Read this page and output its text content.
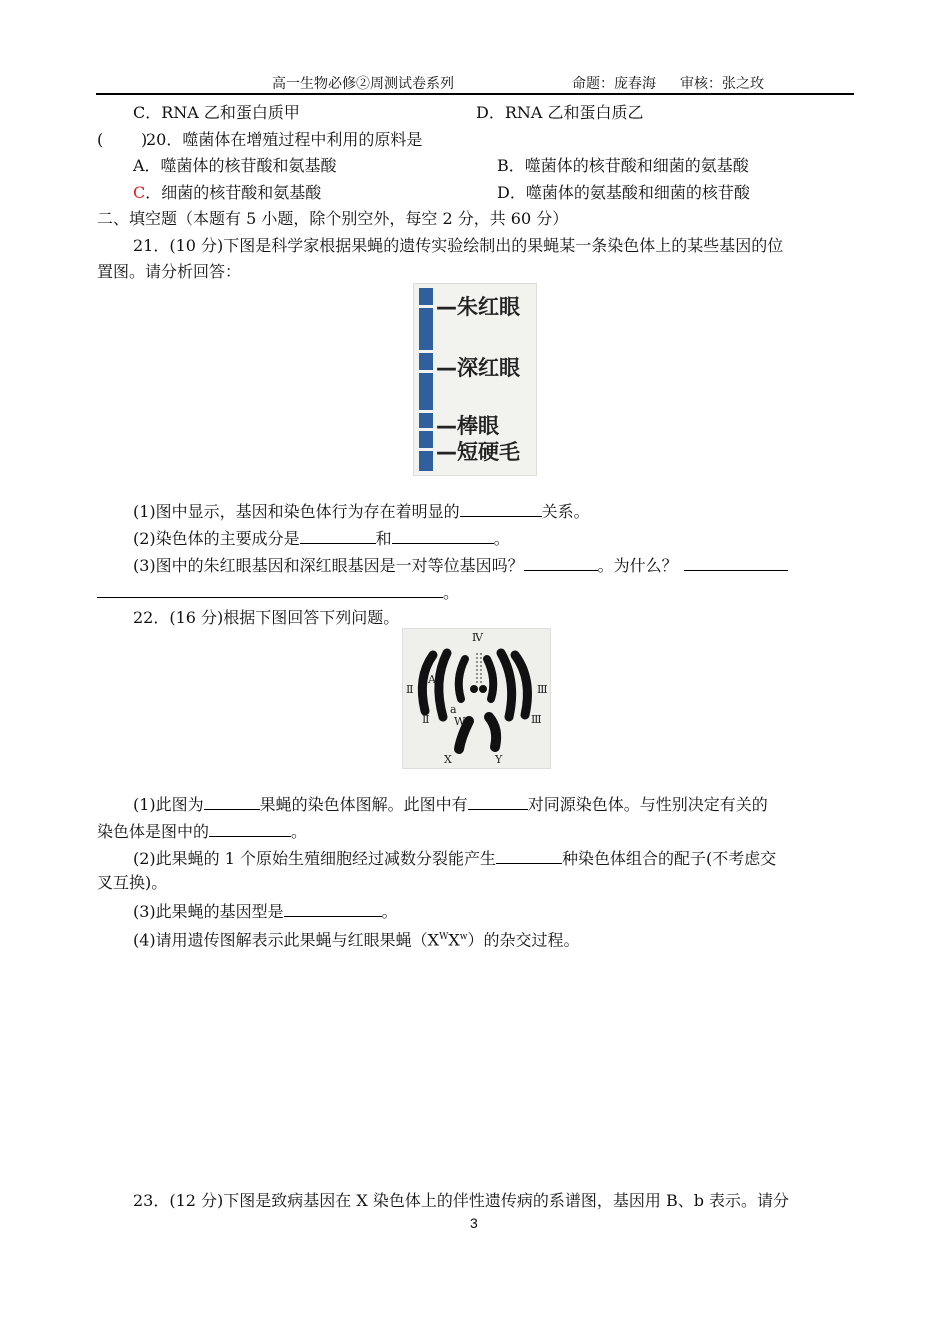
高一生物必修②周测试卷系列	命题：庞春海 审核：张之玫
C．RNA 乙和蛋白质甲	D．RNA 乙和蛋白质乙
( )
20．噬菌体在增殖过程中利用的原料是
A．噬菌体的核苷酸和氨基酸	B．噬菌体的核苷酸和细菌的氨基酸
C．细菌的核苷酸和氨基酸	D．噬菌体的氨基酸和细菌的核苷酸
二、填空题（本题有 5 小题，除个别空外，每空 2 分，共 60 分）
21．(10 分)下图是科学家根据果蝇的遗传实验绘制出的果蝇某一条染色体上的某些基因的位
置图。请分析回答：
—朱红眼
—深红眼
—棒眼
—短硬毛
(1)图中显示，基因和染色体行为存在着明显的	关系。
(2)染色体的主要成分是	和	。
(3)图中的朱红眼基因和深红眼基因是一对等位基因吗？	。为什么？
。
22．(16 分)根据下图回答下列问题。
Ⅳ
Ⅱ
Ⅱ
Ⅲ
Ⅲ
A
a
W
X	Y
(1)此图为	果蝇的染色体图解。此图中有	对同源染色体。与性别决定有关的
染色体是图中的	。
(2)此果蝇的 1 个原始生殖细胞经过减数分裂能产生	种染色体组合的配子(不考虑交
叉互换)。
(3)此果蝇的基因型是	。
(4)请用遗传图解表示此果蝇与红眼果蝇$(X^WX^w)$的杂交过程。
23．(12 分)下图是致病基因在 X 染色体上的伴性遗传病的系谱图，基因用 B、b 表示。请分
3
